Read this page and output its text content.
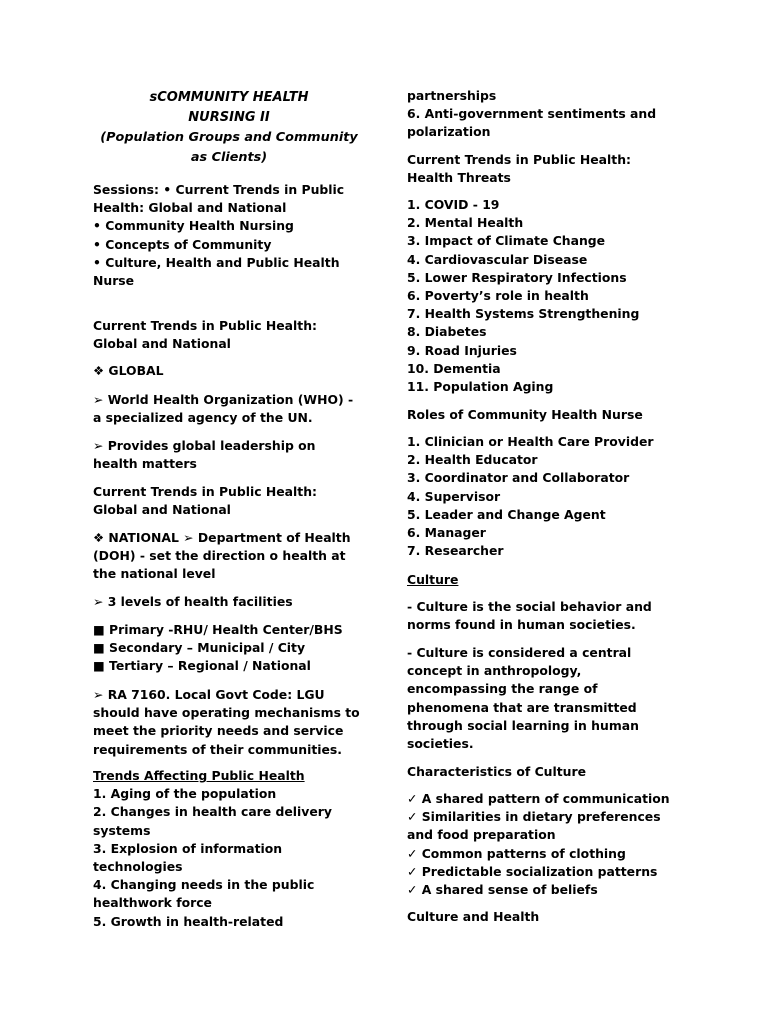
sCOMMUNITY HEALTH
NURSING II
(Population Groups and Community
as Clients)
Sessions: • Current Trends in Public
Health: Global and National
• Community Health Nursing
• Concepts of Community
• Culture, Health and Public Health
Nurse
Current Trends in Public Health:
Global and National
❖ GLOBAL
➢ World Health Organization (WHO) -
a specialized agency of the UN.
➢ Provides global leadership on
health matters
Current Trends in Public Health:
Global and National
❖ NATIONAL ➢ Department of Health
(DOH) - set the direction o health at
the national level
➢ 3 levels of health facilities
■ Primary -RHU/ Health Center/BHS
■ Secondary – Municipal / City
■ Tertiary – Regional / National
➢ RA 7160. Local Govt Code: LGU
should have operating mechanisms to
meet the priority needs and service
requirements of their communities.
Trends Affecting Public Health
1. Aging of the population
2. Changes in health care delivery
systems
3. Explosion of information
technologies
4. Changing needs in the public
healthwork force
5. Growth in health-related
partnerships
6. Anti-government sentiments and
polarization
Current Trends in Public Health:
Health Threats
1. COVID - 19
2. Mental Health
3. Impact of Climate Change
4. Cardiovascular Disease
5. Lower Respiratory Infections
6. Poverty’s role in health
7. Health Systems Strengthening
8. Diabetes
9. Road Injuries
10. Dementia
11. Population Aging
Roles of Community Health Nurse
1. Clinician or Health Care Provider
2. Health Educator
3. Coordinator and Collaborator
4. Supervisor
5. Leader and Change Agent
6. Manager
7. Researcher
Culture
- Culture is the social behavior and
norms found in human societies.
- Culture is considered a central
concept in anthropology,
encompassing the range of
phenomena that are transmitted
through social learning in human
societies.
Characteristics of Culture
✓ A shared pattern of communication
✓ Similarities in dietary preferences
and food preparation
✓ Common patterns of clothing
✓ Predictable socialization patterns
✓ A shared sense of beliefs
Culture and Health
